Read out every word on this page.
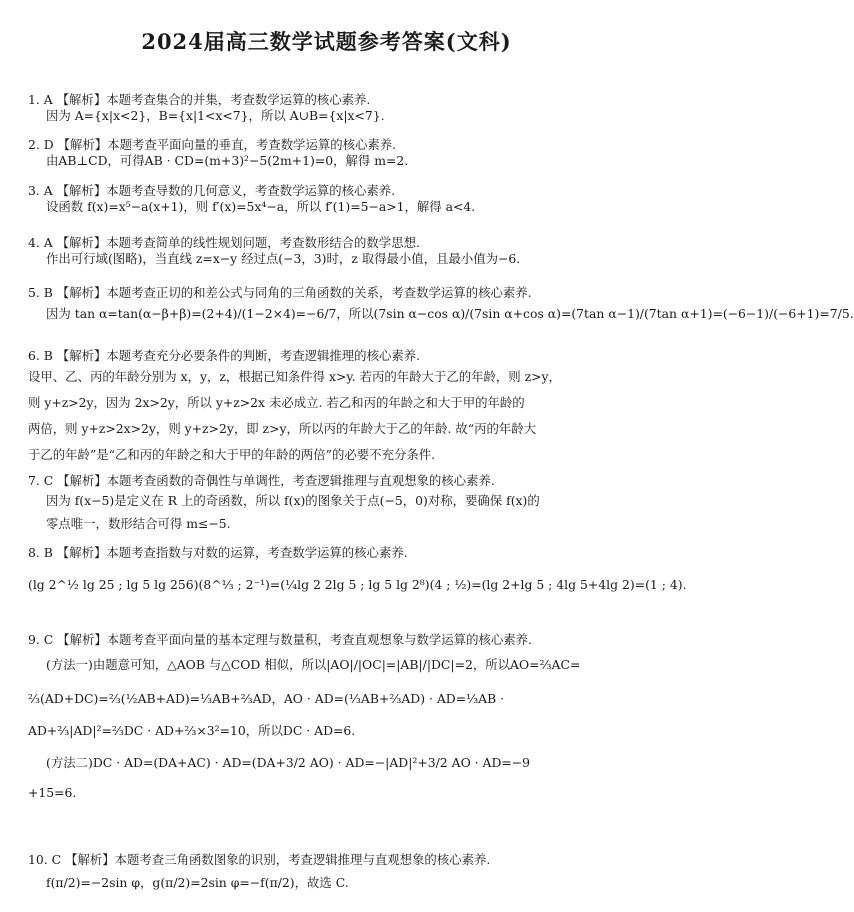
2024届高三数学试题参考答案(文科)

1. A 【解析】本题考查集合的并集，考查数学运算的核心素养.

因为 A={x|x<2}，B={x|1<x<7}，所以 A∪B={x|x<7}.

2. D 【解析】本题考查平面向量的垂直，考查数学运算的核心素养.

由AB⊥CD，可得AB · CD=(m+3)²−5(2m+1)=0，解得 m=2.

3. A 【解析】本题考查导数的几何意义，考查数学运算的核心素养.

设函数 f(x)=x⁵−a(x+1)，则 f′(x)=5x⁴−a，所以 f′(1)=5−a>1，解得 a<4.

4. A 【解析】本题考查简单的线性规划问题，考查数形结合的数学思想.

作出可行域(图略)，当直线 z=x−y 经过点(−3，3)时，z 取得最小值，且最小值为−6.

5. B 【解析】本题考查正切的和差公式与同角的三角函数的关系，考查数学运算的核心素养.

因为 tan α=tan(α−β+β)=(2+4)/(1−2×4)=−6/7，所以(7sin α−cos α)/(7sin α+cos α)=(7tan α−1)/(7tan α+1)=(−6−1)/(−6+1)=7/5.

6. B 【解析】本题考查充分必要条件的判断，考查逻辑推理的核心素养.

设甲、乙、丙的年龄分别为 x，y，z，根据已知条件得 x>y. 若丙的年龄大于乙的年龄，则 z>y，

则 y+z>2y，因为 2x>2y，所以 y+z>2x 未必成立. 若乙和丙的年龄之和大于甲的年龄的

两倍，则 y+z>2x>2y，则 y+z>2y，即 z>y，所以丙的年龄大于乙的年龄. 故“丙的年龄大

于乙的年龄”是“乙和丙的年龄之和大于甲的年龄的两倍”的必要不充分条件.

7. C 【解析】本题考查函数的奇偶性与单调性，考查逻辑推理与直观想象的核心素养.

因为 f(x−5)是定义在 R 上的奇函数，所以 f(x)的图象关于点(−5，0)对称，要确保 f(x)的

零点唯一，数形结合可得 m≤−5.

8. B 【解析】本题考查指数与对数的运算，考查数学运算的核心素养.

(lg 2^½ lg 25 ; lg 5 lg 256)(8^⅓ ; 2⁻¹)=(¼lg 2 2lg 5 ; lg 5 lg 2⁸)(4 ; ½)=(lg 2+lg 5 ; 4lg 5+4lg 2)=(1 ; 4).

9. C 【解析】本题考查平面向量的基本定理与数量积，考查直观想象与数学运算的核心素养.

(方法一)由题意可知，△AOB 与△COD 相似，所以|AO|/|OC|=|AB|/|DC|=2，所以AO=⅔AC=

⅔(AD+DC)=⅔(½AB+AD)=⅓AB+⅔AD，AO · AD=(⅓AB+⅔AD) · AD=⅓AB ·

AD+⅔|AD|²=⅔DC · AD+⅔×3²=10，所以DC · AD=6.

(方法二)DC · AD=(DA+AC) · AD=(DA+3/2 AO) · AD=−|AD|²+3/2 AO · AD=−9

+15=6.

10. C 【解析】本题考查三角函数图象的识别，考查逻辑推理与直观想象的核心素养.

f(π/2)=−2sin φ，g(π/2)=2sin φ=−f(π/2)，故选 C.
